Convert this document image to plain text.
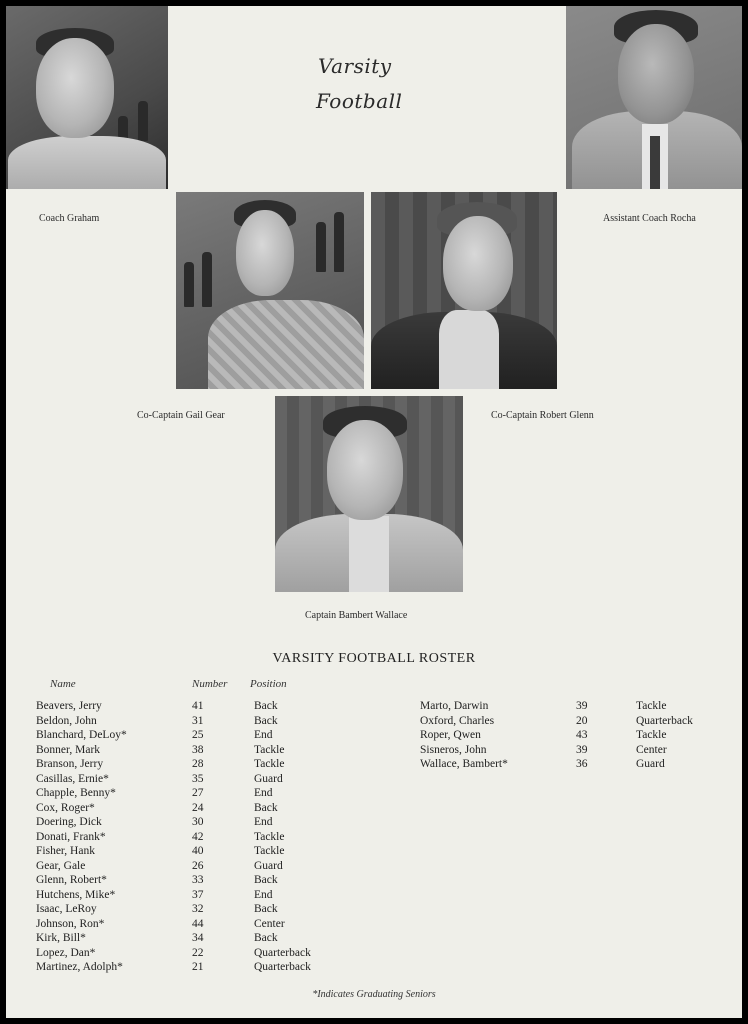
Varsity
Football
Coach Graham	Assistant Coach Rocha
Co-Captain Gail Gear	Co-Captain Robert Glenn
Captain Bambert Wallace
VARSITY FOOTBALL ROSTER
Name	Number Position
Beavers, Jerry	41	Back
Beldon, John	31	Back
Blanchard, DeLoy*	25	End
Bonner, Mark	38	Tackle
Branson, Jerry	28	Tackle
Casillas, Ernie*	35	Guard
Chapple, Benny*	27	End
Cox, Roger*	24	Back
Doering, Dick	30	End
Donati, Frank*	42	Tackle
Fisher, Hank	40	Tackle
Gear, Gale	26	Guard
Glenn, Robert*	33	Back
Hutchens, Mike*	37	End
Isaac, LeRoy	32	Back
Johnson, Ron*	44	Center
Kirk, Bill*	34	Back
Lopez, Dan*	22	Quarterback
Martinez, Adolph*	21	Quarterback
Marto, Darwin	39	Tackle
Oxford, Charles	20	Quarterback
Roper, Qwen	43	Tackle
Sisneros, John	39	Center
Wallace, Bambert*	36	Guard
*Indicates Graduating Seniors
